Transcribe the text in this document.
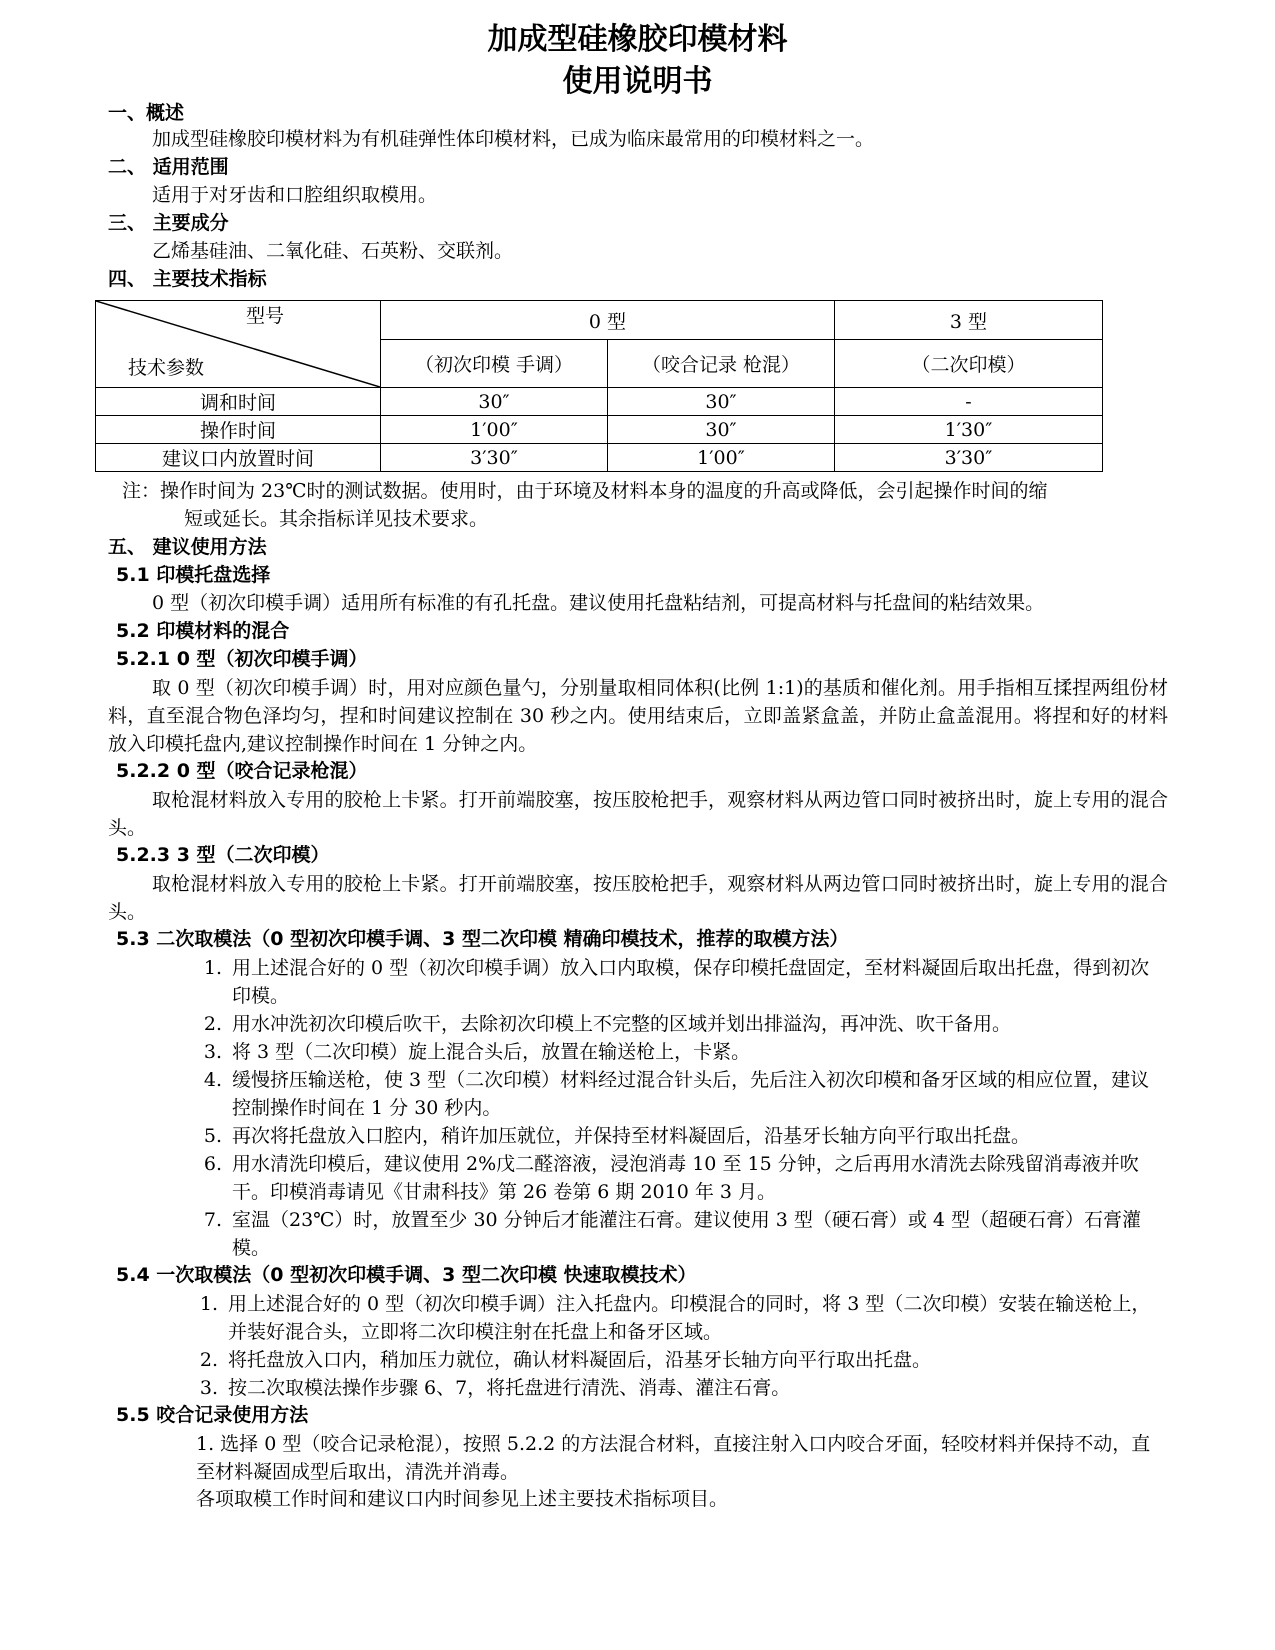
加成型硅橡胶印模材料
使用说明书
一、概述
加成型硅橡胶印模材料为有机硅弹性体印模材料，已成为临床最常用的印模材料之一。
二、 适用范围
适用于对牙齿和口腔组织取模用。
三、 主要成分
乙烯基硅油、二氧化硅、石英粉、交联剂。
四、 主要技术指标
型号
技术参数	0 型		3 型
	（初次印模 手调）	（咬合记录 枪混）	（二次印模）
调和时间	30″	30″	-
操作时间	1′00″	30″	1′30″
建议口内放置时间	3′30″	1′00″	3′30″
注：操作时间为 23℃时的测试数据。使用时，由于环境及材料本身的温度的升高或降低，会引起操作时间的缩
短或延长。其余指标详见技术要求。
五、 建议使用方法
5.1 印模托盘选择
0 型（初次印模手调）适用所有标准的有孔托盘。建议使用托盘粘结剂，可提高材料与托盘间的粘结效果。
5.2 印模材料的混合
5.2.1 0 型（初次印模手调）
取 0 型（初次印模手调）时，用对应颜色量勺，分别量取相同体积(比例 1:1)的基质和催化剂。用手指相互揉捏两组份材料，直至混合物色泽均匀，捏和时间建议控制在 30 秒之内。使用结束后，立即盖紧盒盖，并防止盒盖混用。将捏和好的材料放入印模托盘内,建议控制操作时间在 1 分钟之内。
5.2.2 0 型（咬合记录枪混）
取枪混材料放入专用的胶枪上卡紧。打开前端胶塞，按压胶枪把手，观察材料从两边管口同时被挤出时，旋上专用的混合头。
5.2.3 3 型（二次印模）
取枪混材料放入专用的胶枪上卡紧。打开前端胶塞，按压胶枪把手，观察材料从两边管口同时被挤出时，旋上专用的混合头。
5.3 二次取模法（0 型初次印模手调、3 型二次印模 精确印模技术，推荐的取模方法）
1. 用上述混合好的 0 型（初次印模手调）放入口内取模，保存印模托盘固定，至材料凝固后取出托盘，得到初次印模。
2. 用水冲洗初次印模后吹干，去除初次印模上不完整的区域并划出排溢沟，再冲洗、吹干备用。
3. 将 3 型（二次印模）旋上混合头后，放置在输送枪上，卡紧。
4. 缓慢挤压输送枪，使 3 型（二次印模）材料经过混合针头后，先后注入初次印模和备牙区域的相应位置，建议控制操作时间在 1 分 30 秒内。
5. 再次将托盘放入口腔内，稍许加压就位，并保持至材料凝固后，沿基牙长轴方向平行取出托盘。
6. 用水清洗印模后，建议使用 2%戊二醛溶液，浸泡消毒 10 至 15 分钟，之后再用水清洗去除残留消毒液并吹干。印模消毒请见《甘肃科技》第 26 卷第 6 期 2010 年 3 月。
7. 室温（23℃）时，放置至少 30 分钟后才能灌注石膏。建议使用 3 型（硬石膏）或 4 型（超硬石膏）石膏灌模。
5.4 一次取模法（0 型初次印模手调、3 型二次印模 快速取模技术）
1. 用上述混合好的 0 型（初次印模手调）注入托盘内。印模混合的同时，将 3 型（二次印模）安装在输送枪上，并装好混合头，立即将二次印模注射在托盘上和备牙区域。
2. 将托盘放入口内，稍加压力就位，确认材料凝固后，沿基牙长轴方向平行取出托盘。
3. 按二次取模法操作步骤 6、7，将托盘进行清洗、消毒、灌注石膏。
5.5 咬合记录使用方法
1. 选择 0 型（咬合记录枪混），按照 5.2.2 的方法混合材料，直接注射入口内咬合牙面，轻咬材料并保持不动，直至材料凝固成型后取出，清洗并消毒。
各项取模工作时间和建议口内时间参见上述主要技术指标项目。
